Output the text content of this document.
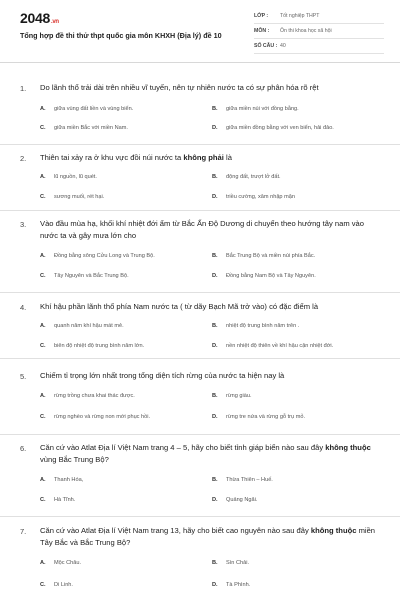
2048.vn
Tổng hợp đề thi thử thpt quốc gia môn KHXH (Địa lý) đề 10
LỚP :	Tốt nghiệp THPT
MÔN :	Ôn thi khoa học xã hội
SỐ CÂU : 40
1. Do lãnh thổ trải dài trên nhiều vĩ tuyến, nên tự nhiên nước ta có sự phân hóa rõ rệt
A. giữa vùng đất liền và vùng biển.	B. giữa miền núi với đồng bằng.
C. giữa miền Bắc với miền Nam.	D. giữa miền đồng bằng với ven biển, hải đảo.
2. Thiên tai xảy ra ở khu vực đồi núi nước ta không phải là
A. lũ nguồn, lũ quét.	B. động đất, trượt lở đất.
C. sương muối, rét hại.	D. triều cường, xâm nhập mặn
3. Vào đầu mùa hạ, khối khí nhiệt đới ẩm từ Bắc Ấn Độ Dương di chuyển theo hướng tây nam vào nước ta và gây mưa lớn cho
A. Đồng bằng sông Cửu Long và Trung Bộ.	B. Bắc Trung Bộ và miền núi phía Bắc.
C. Tây Nguyên và Bắc Trung Bộ.	D. Đồng bằng Nam Bộ và Tây Nguyên.
4. Khí hậu phần lãnh thổ phía Nam nước ta ( từ dãy Bạch Mã trở vào) có đặc điểm là
A. quanh năm khí hậu mát mẻ.	B. nhiệt độ trung bình năm trên .
C. biên độ nhiệt độ trung bình năm lớn.	D. nền nhiệt độ thiên về khí hậu cận nhiệt đới.
5. Chiếm tỉ trọng lớn nhất trong tổng diện tích rừng của nước ta hiện nay là
A. rừng trồng chưa khai thác được.	B. rừng giàu.
C. rừng nghèo và rừng non mới phục hồi.	D. rừng tre nứa và rừng gỗ trụ mỏ.
6. Căn cứ vào Atlat Địa lí Việt Nam trang 4 – 5, hãy cho biết tỉnh giáp biển nào sau đây không thuộc vùng Bắc Trung Bộ?
A. Thanh Hóa,	B. Thừa Thiên – Huế.
C. Hà Tĩnh.	D. Quảng Ngãi.
7. Căn cứ vào Atlat Địa lí Việt Nam trang 13, hãy cho biết cao nguyên nào sau đây không thuộc miền Tây Bắc và Bắc Trung Bộ?
A. Mộc Châu.	B. Sìn Chải.
C. Di Linh.	D. Tà Phình.
